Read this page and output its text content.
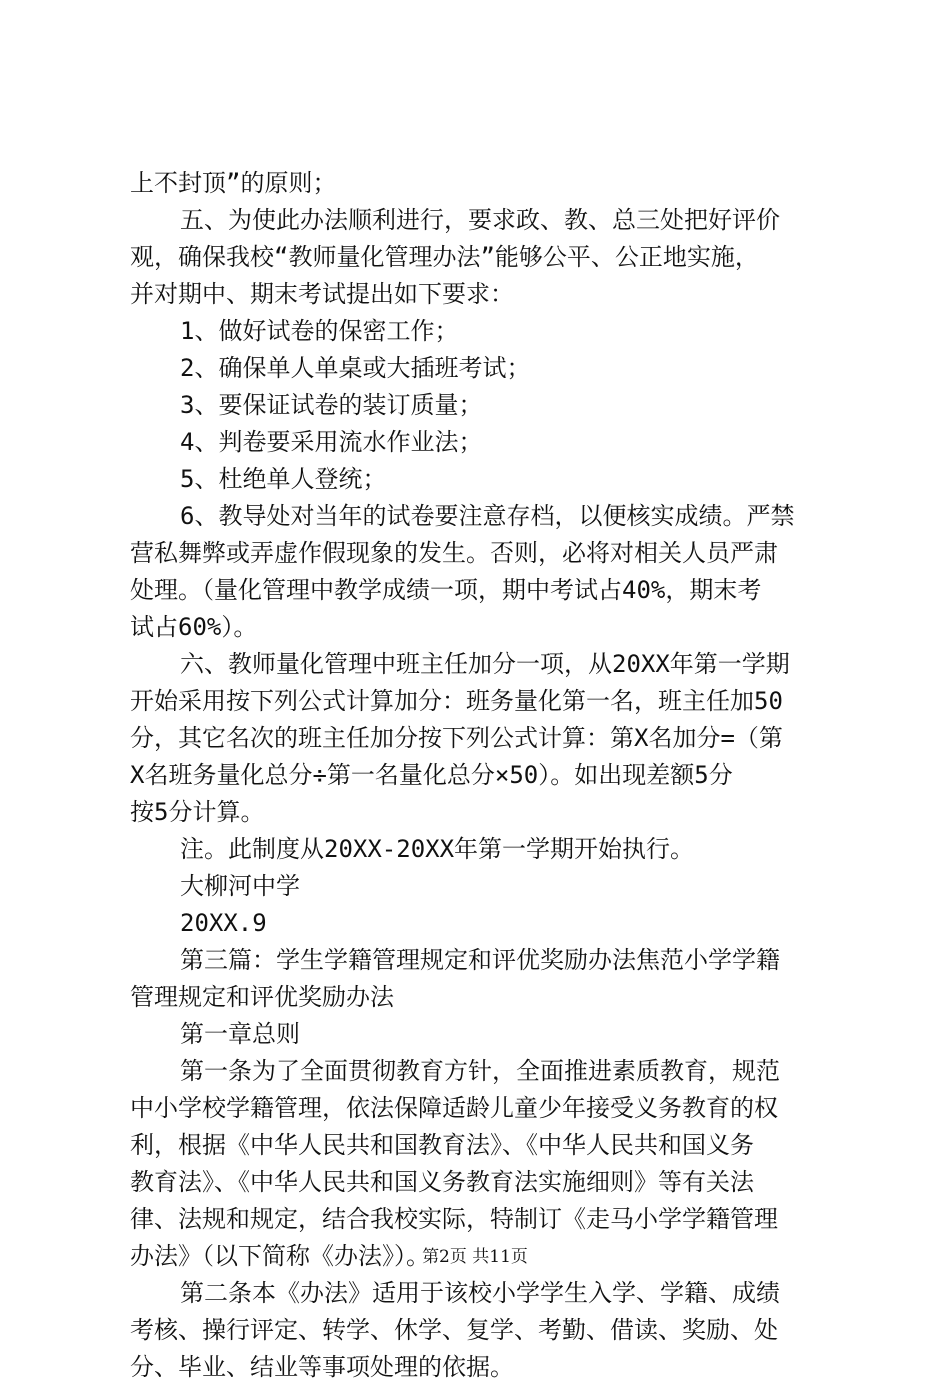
上不封顶”的原则；
五、为使此办法顺利进行，要求政、教、总三处把好评价
观，确保我校“教师量化管理办法”能够公平、公正地实施，
并对期中、期末考试提出如下要求：
1、做好试卷的保密工作；
2、确保单人单桌或大插班考试；
3、要保证试卷的装订质量；
4、判卷要采用流水作业法；
5、杜绝单人登统；
6、教导处对当年的试卷要注意存档，以便核实成绩。严禁
营私舞弊或弄虚作假现象的发生。否则，必将对相关人员严肃
处理。（量化管理中教学成绩一项，期中考试占40%，期末考
试占60%）。
六、教师量化管理中班主任加分一项，从20XX年第一学期
开始采用按下列公式计算加分：班务量化第一名，班主任加50
分，其它名次的班主任加分按下列公式计算：第X名加分=（第
X名班务量化总分÷第一名量化总分×50）。如出现差额5分
按5分计算。
注。此制度从20XX-20XX年第一学期开始执行。
大柳河中学
20XX.9
第三篇：学生学籍管理规定和评优奖励办法焦范小学学籍
管理规定和评优奖励办法
第一章总则
第一条为了全面贯彻教育方针，全面推进素质教育，规范
中小学校学籍管理，依法保障适龄儿童少年接受义务教育的权
利，根据《中华人民共和国教育法》、《中华人民共和国义务
教育法》、《中华人民共和国义务教育法实施细则》等有关法
律、法规和规定，结合我校实际，特制订《走马小学学籍管理
办法》（以下简称《办法》）。
第二条本《办法》适用于该校小学学生入学、学籍、成绩
考核、操行评定、转学、休学、复学、考勤、借读、奖励、处
分、毕业、结业等事项处理的依据。
第2页 共11页
